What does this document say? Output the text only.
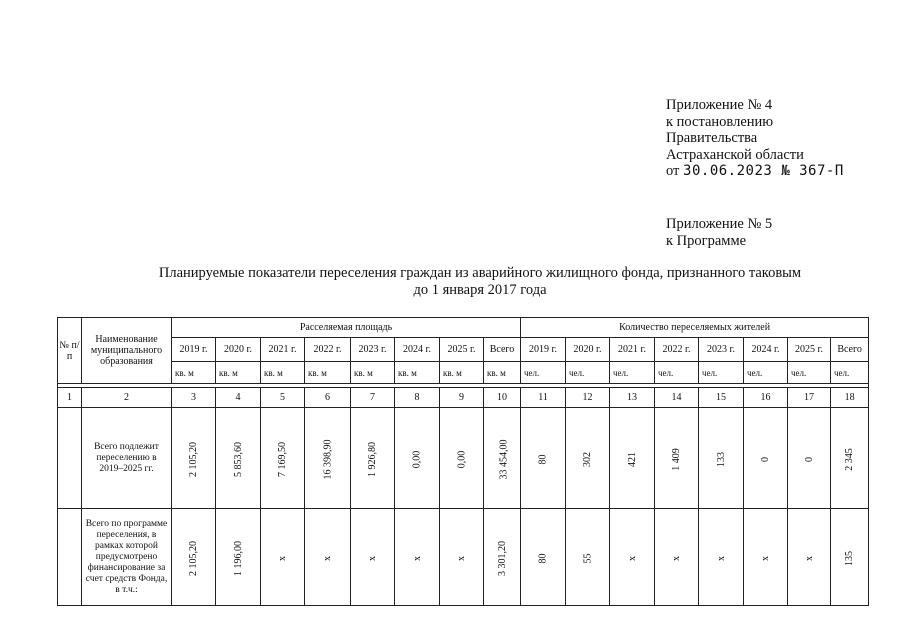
Приложение № 4
к постановлению
Правительства
Астраханской области
от 30.06.2023 № 367-П
Приложение № 5
к Программе
Планируемые показатели переселения граждан из аварийного жилищного фонда, признанного таковым
до 1 января 2017 года
№ п/п	Наименование муниципального образования	Расселяемая площадь								Количество переселяемых жителей							
		2019 г.	2020 г.	2021 г.	2022 г.	2023 г.	2024 г.	2025 г.	Всего	2019 г.	2020 г.	2021 г.	2022 г.	2023 г.	2024 г.	2025 г.	Всего
		кв. м	кв. м	кв. м	кв. м	кв. м	кв. м	кв. м	кв. м	чел.	чел.	чел.	чел.	чел.	чел.	чел.	чел.

1	2	3	4	5	6	7	8	9	10	11	12	13	14	15	16	17	18
	Всего подлежит переселению в 2019–2025 гг.	2 105,20	5 853,60	7 169,50	16 398,90	1 926,80	0,00	0,00	33 454,00	80	302	421	1 409	133	0	0	2 345
	Всего по программе переселения, в рамках которой предусмотрено финансирование за счет средств Фонда, в т.ч.:	2 105,20	1 196,00	х	х	х	х	х	3 301,20	80	55	х	х	х	х	х	135
